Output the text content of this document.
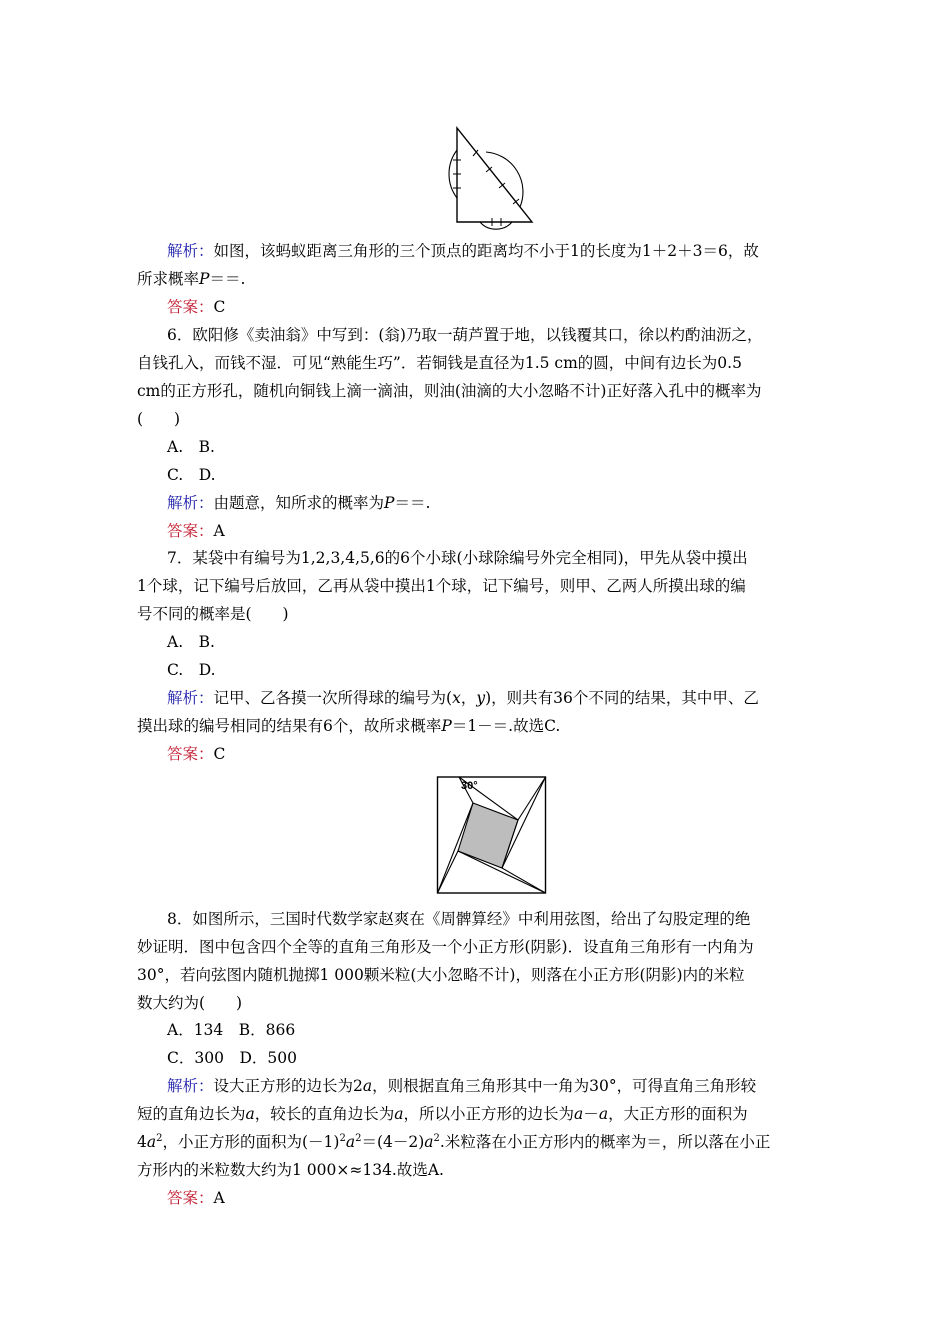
解析：如图，该蚂蚁距离三角形的三个顶点的距离均不小于1的长度为1＋2＋3＝6，故
所求概率P＝＝.
答案：C
6．欧阳修《卖油翁》中写到：(翁)乃取一葫芦置于地，以钱覆其口，徐以杓酌油沥之，
自钱孔入，而钱不湿．可见“熟能生巧”．若铜钱是直径为1.5 cm的圆，中间有边长为0.5
cm的正方形孔，随机向铜钱上滴一滴油，则油(油滴的大小忽略不计)正好落入孔中的概率为
(　　)
A.　B.
C.　D.
解析：由题意，知所求的概率为P＝＝.
答案：A
7．某袋中有编号为1,2,3,4,5,6的6个小球(小球除编号外完全相同)，甲先从袋中摸出
1个球，记下编号后放回，乙再从袋中摸出1个球，记下编号，则甲、乙两人所摸出球的编
号不同的概率是(　　)
A.　B.
C.　D.
解析：记甲、乙各摸一次所得球的编号为(x，y)，则共有36个不同的结果，其中甲、乙
摸出球的编号相同的结果有6个，故所求概率P＝1－＝.故选C.
答案：C
30°
8．如图所示，三国时代数学家赵爽在《周髀算经》中利用弦图，给出了勾股定理的绝
妙证明．图中包含四个全等的直角三角形及一个小正方形(阴影)．设直角三角形有一内角为
30°，若向弦图内随机抛掷1 000颗米粒(大小忽略不计)，则落在小正方形(阴影)内的米粒
数大约为(　　)
A．134　B．866
C．300　D．500
解析：设大正方形的边长为2a，则根据直角三角形其中一角为30°，可得直角三角形较
短的直角边长为a，较长的直角边长为a，所以小正方形的边长为a－a，大正方形的面积为
$4a^2$，小正方形的面积为$(-1)^2a^2=(4-2)a^2$.米粒落在小正方形内的概率为＝，所以落在小正
方形内的米粒数大约为1 000×≈134.故选A.
答案：A
